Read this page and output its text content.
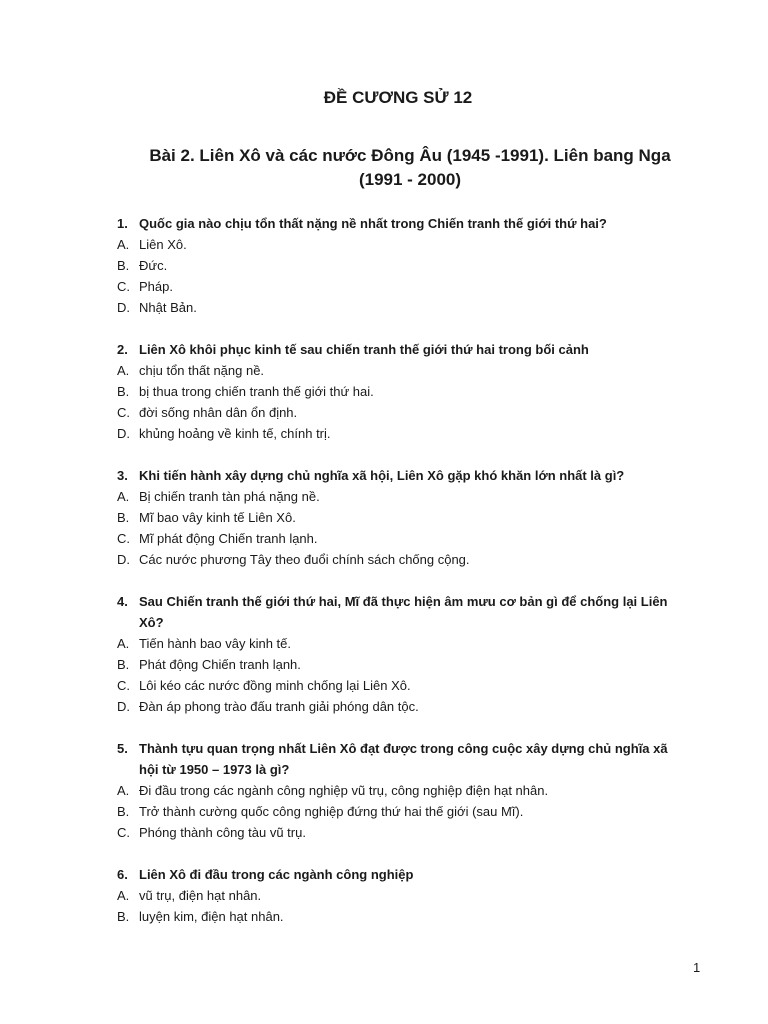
ĐỀ CƯƠNG SỬ 12
Bài 2. Liên Xô và các nước Đông Âu (1945 -1991). Liên bang Nga (1991 - 2000)
1. Quốc gia nào chịu tổn thất nặng nề nhất trong Chiến tranh thế giới thứ hai?
A. Liên Xô.
B. Đức.
C. Pháp.
D. Nhật Bản.
2. Liên Xô khôi phục kinh tế sau chiến tranh thế giới thứ hai trong bối cảnh
A. chịu tổn thất nặng nề.
B. bị thua trong chiến tranh thế giới thứ hai.
C. đời sống nhân dân ổn định.
D. khủng hoảng về kinh tế, chính trị.
3. Khi tiến hành xây dựng chủ nghĩa xã hội, Liên Xô gặp khó khăn lớn nhất là gì?
A. Bị chiến tranh tàn phá nặng nề.
B. Mĩ bao vây kinh tế Liên Xô.
C. Mĩ phát động Chiến tranh lạnh.
D. Các nước phương Tây theo đuổi chính sách chống cộng.
4. Sau Chiến tranh thế giới thứ hai, Mĩ đã thực hiện âm mưu cơ bản gì để chống lại Liên Xô?
A. Tiến hành bao vây kinh tế.
B. Phát động Chiến tranh lạnh.
C. Lôi kéo các nước đồng minh chống lại Liên Xô.
D. Đàn áp phong trào đấu tranh giải phóng dân tộc.
5. Thành tựu quan trọng nhất Liên Xô đạt được trong công cuộc xây dựng chủ nghĩa xã hội từ 1950 – 1973 là gì?
A. Đi đầu trong các ngành công nghiệp vũ trụ, công nghiệp điện hạt nhân.
B. Trở thành cường quốc công nghiệp đứng thứ hai thế giới (sau Mĩ).
C. Phóng thành công tàu vũ trụ.
6. Liên Xô đi đầu trong các ngành công nghiệp
A. vũ trụ, điện hạt nhân.
B. luyện kim, điện hạt nhân.
1
